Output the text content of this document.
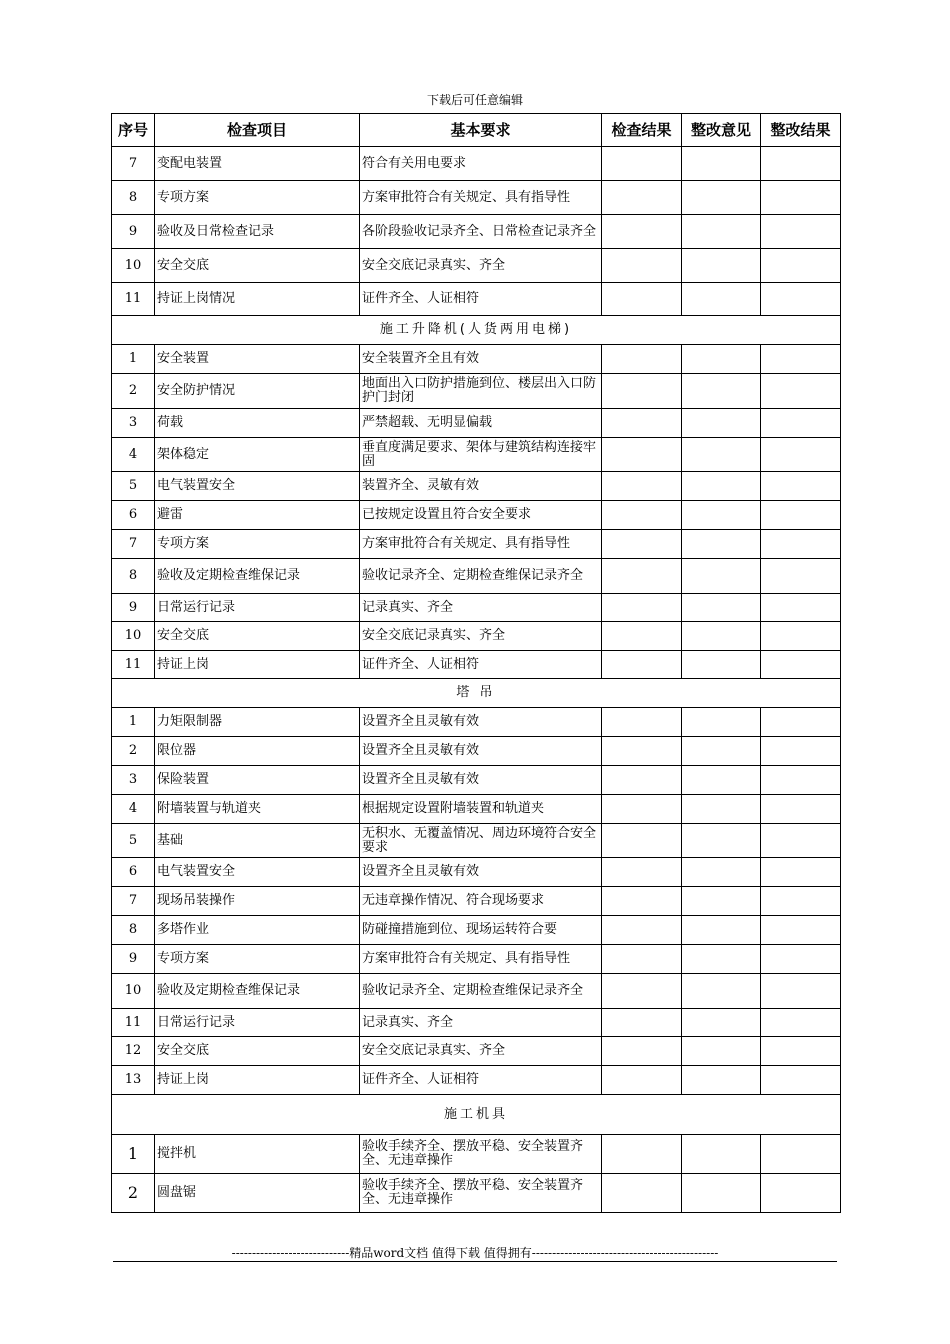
下载后可任意编辑
序号	检查项目	基本要求	检查结果	整改意见	整改结果
7	变配电装置	符合有关用电要求			
8	专项方案	方案审批符合有关规定、具有指导性			
9	验收及日常检查记录	各阶段验收记录齐全、日常检查记录齐全			
10	安全交底	安全交底记录真实、齐全			
11	持证上岗情况	证件齐全、人证相符			
施工升降机(人货两用电梯)					
1	安全装置	安全装置齐全且有效			
2	安全防护情况	地面出入口防护措施到位、楼层出入口防护门封闭			
3	荷载	严禁超载、无明显偏载			
4	架体稳定	垂直度满足要求、架体与建筑结构连接牢固			
5	电气装置安全	装置齐全、灵敏有效			
6	避雷	已按规定设置且符合安全要求			
7	专项方案	方案审批符合有关规定、具有指导性			
8	验收及定期检查维保记录	验收记录齐全、定期检查维保记录齐全			
9	日常运行记录	记录真实、齐全			
10	安全交底	安全交底记录真实、齐全			
11	持证上岗	证件齐全、人证相符			
塔 吊					
1	力矩限制器	设置齐全且灵敏有效			
2	限位器	设置齐全且灵敏有效			
3	保险装置	设置齐全且灵敏有效			
4	附墙装置与轨道夹	根据规定设置附墙装置和轨道夹			
5	基础	无积水、无覆盖情况、周边环境符合安全要求			
6	电气装置安全	设置齐全且灵敏有效			
7	现场吊装操作	无违章操作情况、符合现场要求			
8	多塔作业	防碰撞措施到位、现场运转符合要			
9	专项方案	方案审批符合有关规定、具有指导性			
10	验收及定期检查维保记录	验收记录齐全、定期检查维保记录齐全			
11	日常运行记录	记录真实、齐全			
12	安全交底	安全交底记录真实、齐全			
13	持证上岗	证件齐全、人证相符			
施工机具					
1	搅拌机	验收手续齐全、摆放平稳、安全装置齐全、无违章操作			
2	圆盘锯	验收手续齐全、摆放平稳、安全装置齐全、无违章操作			
-----------------------------精品word文档 值得下载 值得拥有----------------------------------------------
